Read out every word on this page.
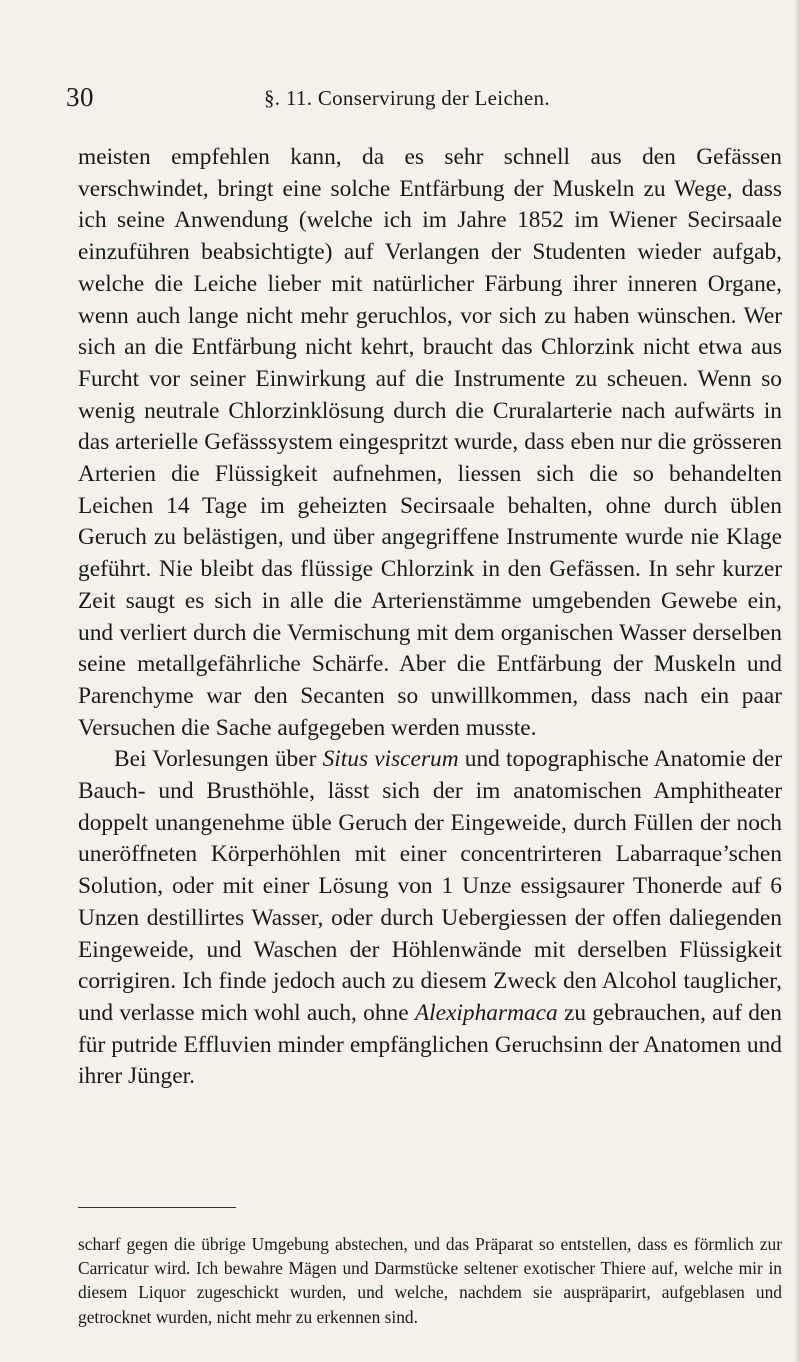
30	§. 11. Conservirung der Leichen.

meisten empfehlen kann, da es sehr schnell aus den Gefässen verschwindet, bringt eine solche Entfärbung der Muskeln zu Wege, dass ich seine Anwendung (welche ich im Jahre 1852 im Wiener Secirsaale einzuführen beabsichtigte) auf Verlangen der Studenten wieder aufgab, welche die Leiche lieber mit natürlicher Färbung ihrer inneren Organe, wenn auch lange nicht mehr geruchlos, vor sich zu haben wünschen. Wer sich an die Entfärbung nicht kehrt, braucht das Chlorzink nicht etwa aus Furcht vor seiner Einwirkung auf die Instrumente zu scheuen. Wenn so wenig neutrale Chlorzinklösung durch die Cruralarterie nach aufwärts in das arterielle Gefässsystem eingespritzt wurde, dass eben nur die grösseren Arterien die Flüssigkeit aufnehmen, liessen sich die so behandelten Leichen 14 Tage im geheizten Secirsaale behalten, ohne durch üblen Geruch zu belästigen, und über angegriffene Instrumente wurde nie Klage geführt. Nie bleibt das flüssige Chlorzink in den Gefässen. In sehr kurzer Zeit saugt es sich in alle die Arterienstämme umgebenden Gewebe ein, und verliert durch die Vermischung mit dem organischen Wasser derselben seine metallgefährliche Schärfe. Aber die Entfärbung der Muskeln und Parenchyme war den Secanten so unwillkommen, dass nach ein paar Versuchen die Sache aufgegeben werden musste.

Bei Vorlesungen über Situs viscerum und topographische Anatomie der Bauch- und Brusthöhle, lässt sich der im anatomischen Amphitheater doppelt unangenehme üble Geruch der Eingeweide, durch Füllen der noch uneröffneten Körperhöhlen mit einer concentrirteren Labarraque’schen Solution, oder mit einer Lösung von 1 Unze essigsaurer Thonerde auf 6 Unzen destillirtes Wasser, oder durch Uebergiessen der offen daliegenden Eingeweide, und Waschen der Höhlenwände mit derselben Flüssigkeit corrigiren. Ich finde jedoch auch zu diesem Zweck den Alcohol tauglicher, und verlasse mich wohl auch, ohne Alexipharmaca zu gebrauchen, auf den für putride Effluvien minder empfänglichen Geruchsinn der Anatomen und ihrer Jünger.

scharf gegen die übrige Umgebung abstechen, und das Präparat so entstellen, dass es förmlich zur Carricatur wird. Ich bewahre Mägen und Darmstücke seltener exotischer Thiere auf, welche mir in diesem Liquor zugeschickt wurden, und welche, nachdem sie auspräparirt, aufgeblasen und getrocknet wurden, nicht mehr zu erkennen sind.
